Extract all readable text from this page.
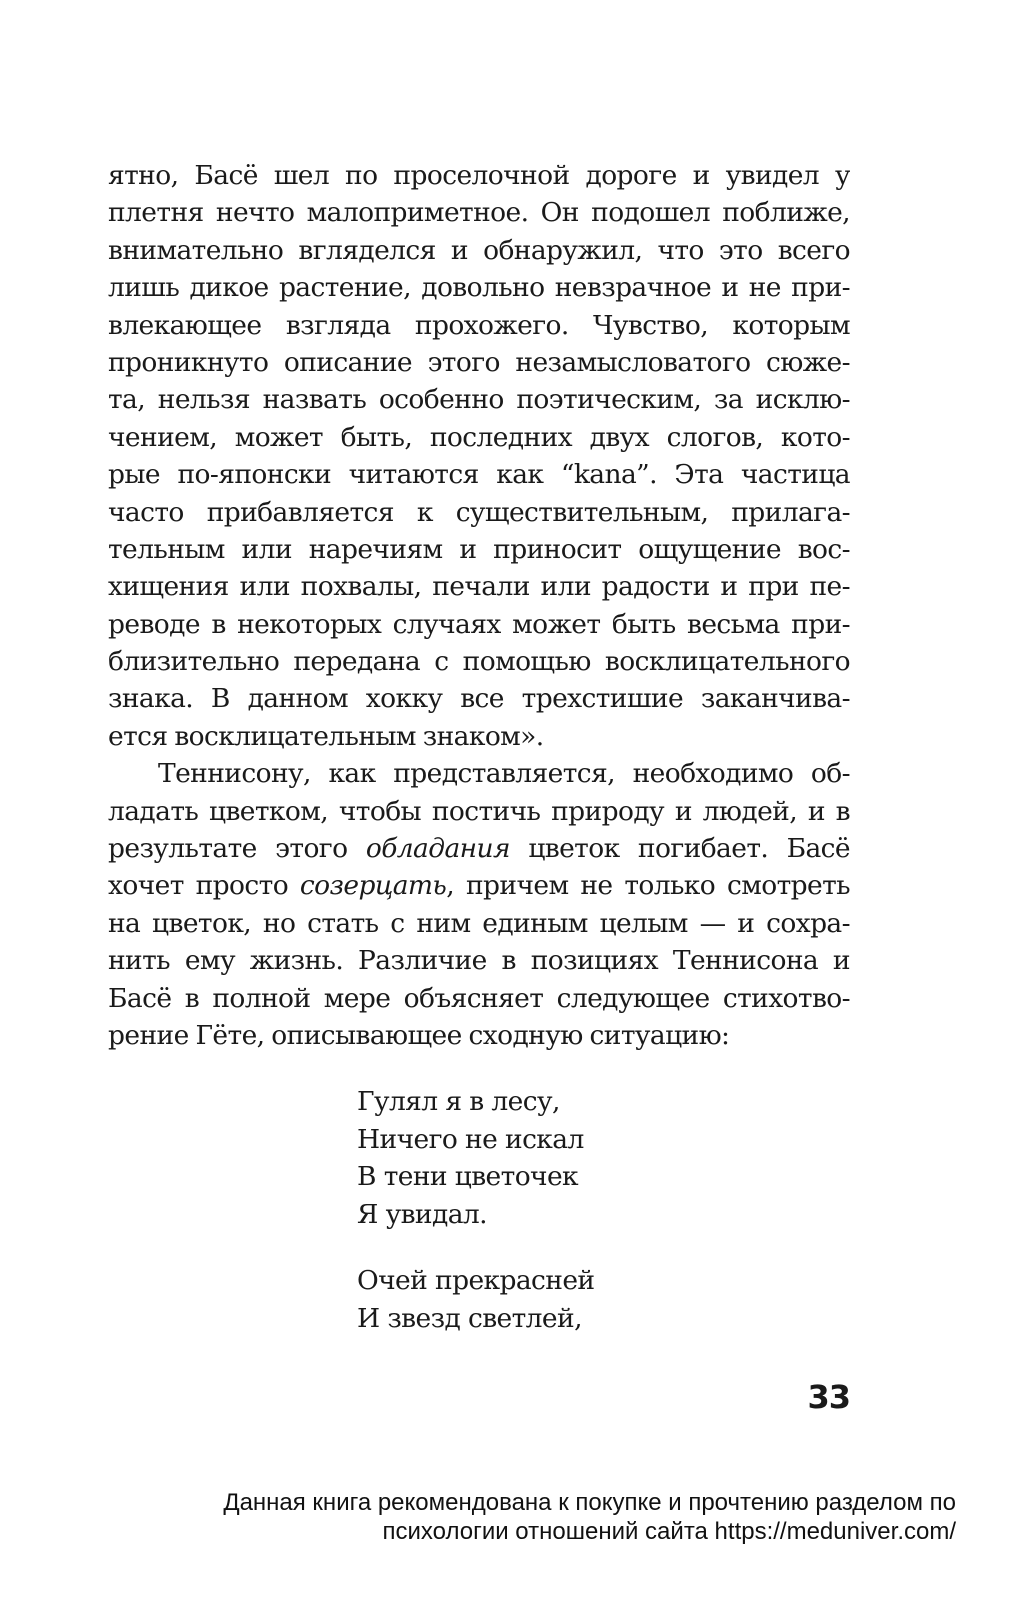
ятно, Басё шел по проселочной дороге и увидел у
плетня нечто малоприметное. Он подошел поближе,
внимательно вгляделся и обнаружил, что это всего
лишь дикое растение, довольно невзрачное и не при-
влекающее взгляда прохожего. Чувство, которым
проникнуто описание этого незамысловатого сюже-
та, нельзя назвать особенно поэтическим, за исклю-
чением, может быть, последних двух слогов, кото-
рые по-японски читаются как “kana”. Эта частица
часто прибавляется к существительным, прилага-
тельным или наречиям и приносит ощущение вос-
хищения или похвалы, печали или радости и при пе-
реводе в некоторых случаях может быть весьма при-
близительно передана с помощью восклицательного
знака. В данном хокку все трехстишие заканчива-
ется восклицательным знаком».
Теннисону, как представляется, необходимо об-
ладать цветком, чтобы постичь природу и людей, и в
результате этого обладания цветок погибает. Басё
хочет просто созерцать, причем не только смотреть
на цветок, но стать с ним единым целым — и сохра-
нить ему жизнь. Различие в позициях Теннисона и
Басё в полной мере объясняет следующее стихотво-
рение Гёте, описывающее сходную ситуацию:
Гулял я в лесу,
Ничего не искал
В тени цветочек
Я увидал.
Очей прекрасней
И звезд светлей,
33
Данная книга рекомендована к покупке и прочтению разделом по
психологии отношений сайта https://meduniver.com/
